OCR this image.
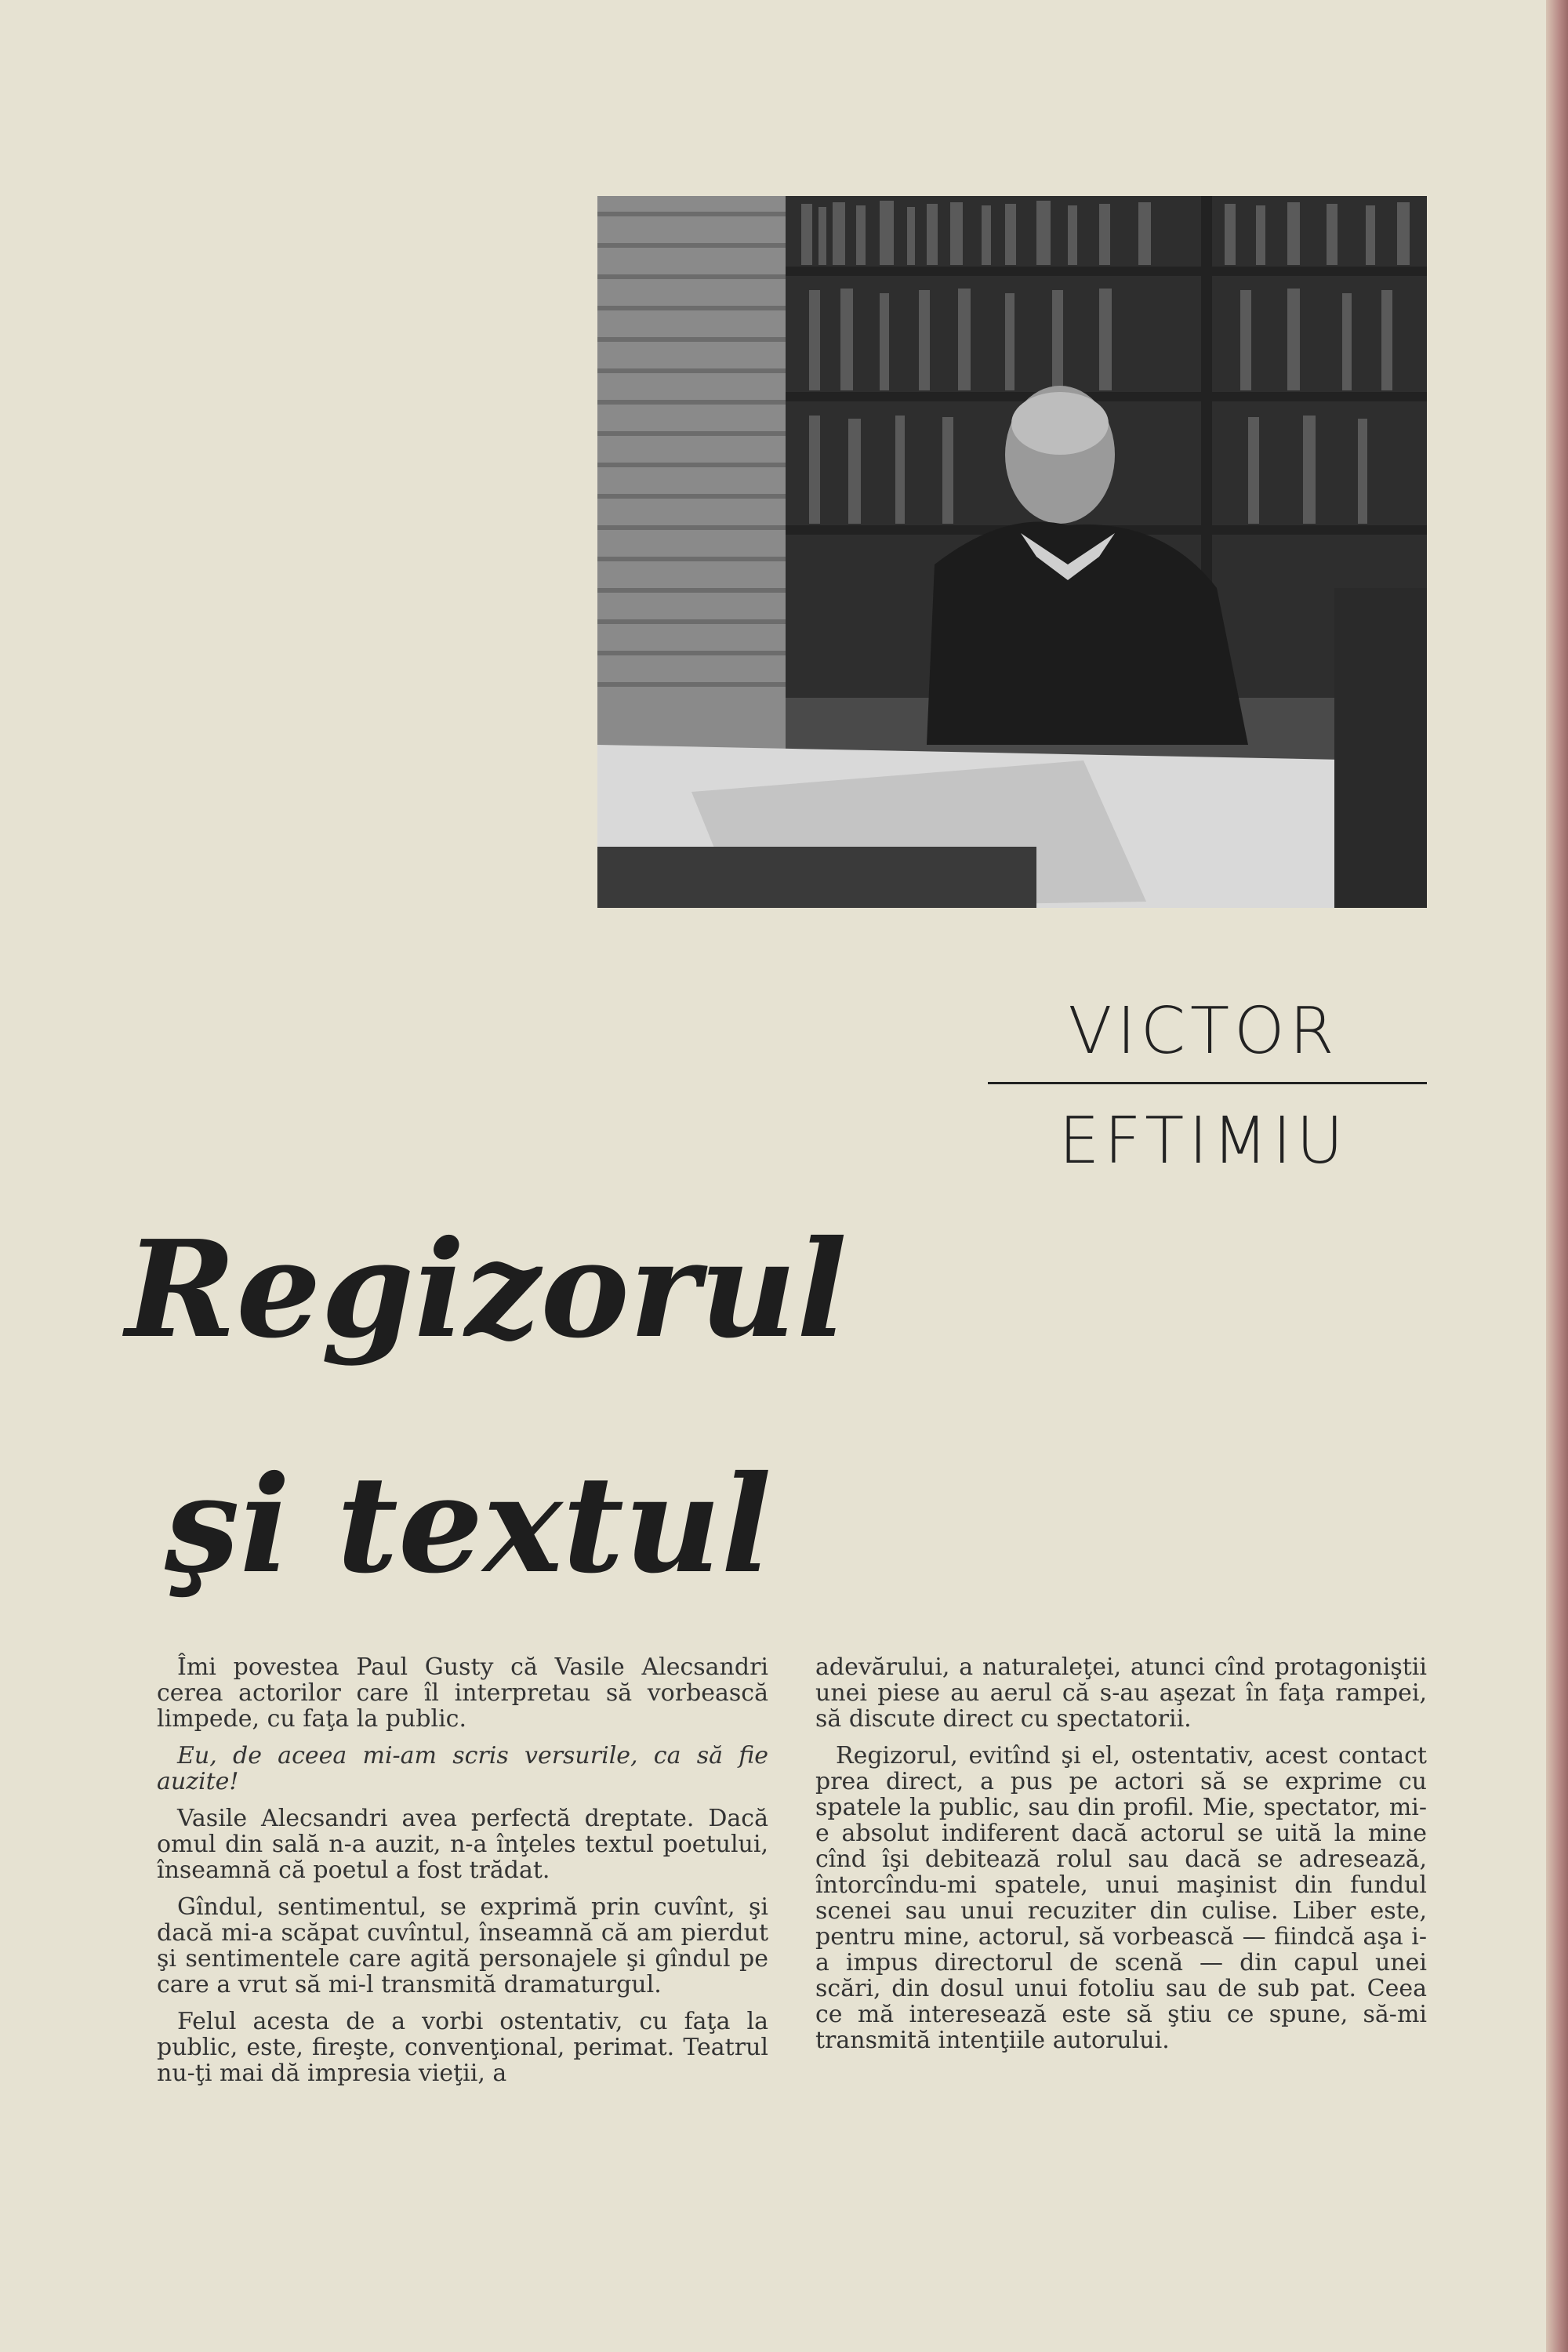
VICTOR
EFTIMIU
Regizorul
şi textul

Îmi povestea Paul Gusty că Vasile Alecsandri cerea actorilor care îl interpretau să vorbească limpede, cu faţa la public.

Eu, de aceea mi-am scris versurile, ca să fie auzite!

Vasile Alecsandri avea perfectă dreptate. Dacă omul din sală n-a auzit, n-a înţeles textul poetului, înseamnă că poetul a fost trădat.

Gîndul, sentimentul, se exprimă prin cuvînt, şi dacă mi-a scăpat cuvîntul, înseamnă că am pierdut şi sentimentele care agită personajele şi gîndul pe care a vrut să mi-l transmită dramaturgul.

Felul acesta de a vorbi ostentativ, cu faţa la public, este, fireşte, convenţional, perimat. Teatrul nu-ţi mai dă impresia vieţii, a

adevărului, a naturaleţei, atunci cînd protagoniştii unei piese au aerul că s-au aşezat în faţa rampei, să discute direct cu spectatorii.

Regizorul, evitînd şi el, ostentativ, acest contact prea direct, a pus pe actori să se exprime cu spatele la public, sau din profil. Mie, spectator, mi-e absolut indiferent dacă actorul se uită la mine cînd îşi debitează rolul sau dacă se adresează, întorcîndu-mi spatele, unui maşinist din fundul scenei sau unui recuziter din culise. Liber este, pentru mine, actorul, să vorbească — fiindcă aşa i-a impus directorul de scenă — din capul unei scări, din dosul unui fotoliu sau de sub pat. Ceea ce mă interesează este să ştiu ce spune, să-mi transmită intenţiile autorului.
